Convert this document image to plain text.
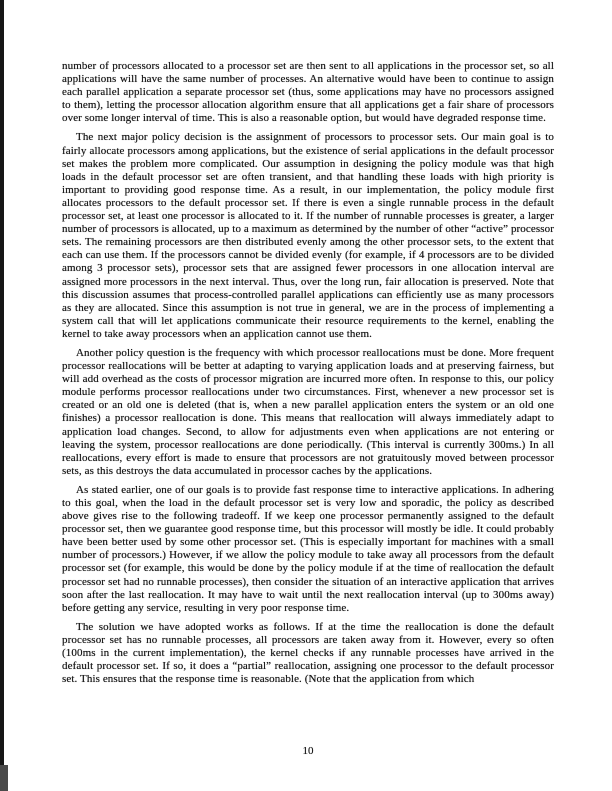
number of processors allocated to a processor set are then sent to all applications in the processor set, so all applications will have the same number of processes. An alternative would have been to continue to assign each parallel application a separate processor set (thus, some applications may have no processors assigned to them), letting the processor allocation algorithm ensure that all applications get a fair share of processors over some longer interval of time. This is also a reasonable option, but would have degraded response time.

The next major policy decision is the assignment of processors to processor sets. Our main goal is to fairly allocate processors among applications, but the existence of serial applications in the default processor set makes the problem more complicated. Our assumption in designing the policy module was that high loads in the default processor set are often transient, and that handling these loads with high priority is important to providing good response time. As a result, in our implementation, the policy module first allocates processors to the default processor set. If there is even a single runnable process in the default processor set, at least one processor is allocated to it. If the number of runnable processes is greater, a larger number of processors is allocated, up to a maximum as determined by the number of other “active” processor sets. The remaining processors are then distributed evenly among the other processor sets, to the extent that each can use them. If the processors cannot be divided evenly (for example, if 4 processors are to be divided among 3 processor sets), processor sets that are assigned fewer processors in one allocation interval are assigned more processors in the next interval. Thus, over the long run, fair allocation is preserved. Note that this discussion assumes that process-controlled parallel applications can efficiently use as many processors as they are allocated. Since this assumption is not true in general, we are in the process of implementing a system call that will let applications communicate their resource requirements to the kernel, enabling the kernel to take away processors when an application cannot use them.

Another policy question is the frequency with which processor reallocations must be done. More frequent processor reallocations will be better at adapting to varying application loads and at preserving fairness, but will add overhead as the costs of processor migration are incurred more often. In response to this, our policy module performs processor reallocations under two circumstances. First, whenever a new processor set is created or an old one is deleted (that is, when a new parallel application enters the system or an old one finishes) a processor reallocation is done. This means that reallocation will always immediately adapt to application load changes. Second, to allow for adjustments even when applications are not entering or leaving the system, processor reallocations are done periodically. (This interval is currently 300ms.) In all reallocations, every effort is made to ensure that processors are not gratuitously moved between processor sets, as this destroys the data accumulated in processor caches by the applications.

As stated earlier, one of our goals is to provide fast response time to interactive applications. In adhering to this goal, when the load in the default processor set is very low and sporadic, the policy as described above gives rise to the following tradeoff. If we keep one processor permanently assigned to the default processor set, then we guarantee good response time, but this processor will mostly be idle. It could probably have been better used by some other processor set. (This is especially important for machines with a small number of processors.) However, if we allow the policy module to take away all processors from the default processor set (for example, this would be done by the policy module if at the time of reallocation the default processor set had no runnable processes), then consider the situation of an interactive application that arrives soon after the last reallocation. It may have to wait until the next reallocation interval (up to 300ms away) before getting any service, resulting in very poor response time.

The solution we have adopted works as follows. If at the time the reallocation is done the default processor set has no runnable processes, all processors are taken away from it. However, every so often (100ms in the current implementation), the kernel checks if any runnable processes have arrived in the default processor set. If so, it does a “partial” reallocation, assigning one processor to the default processor set. This ensures that the response time is reasonable. (Note that the application from which

10
